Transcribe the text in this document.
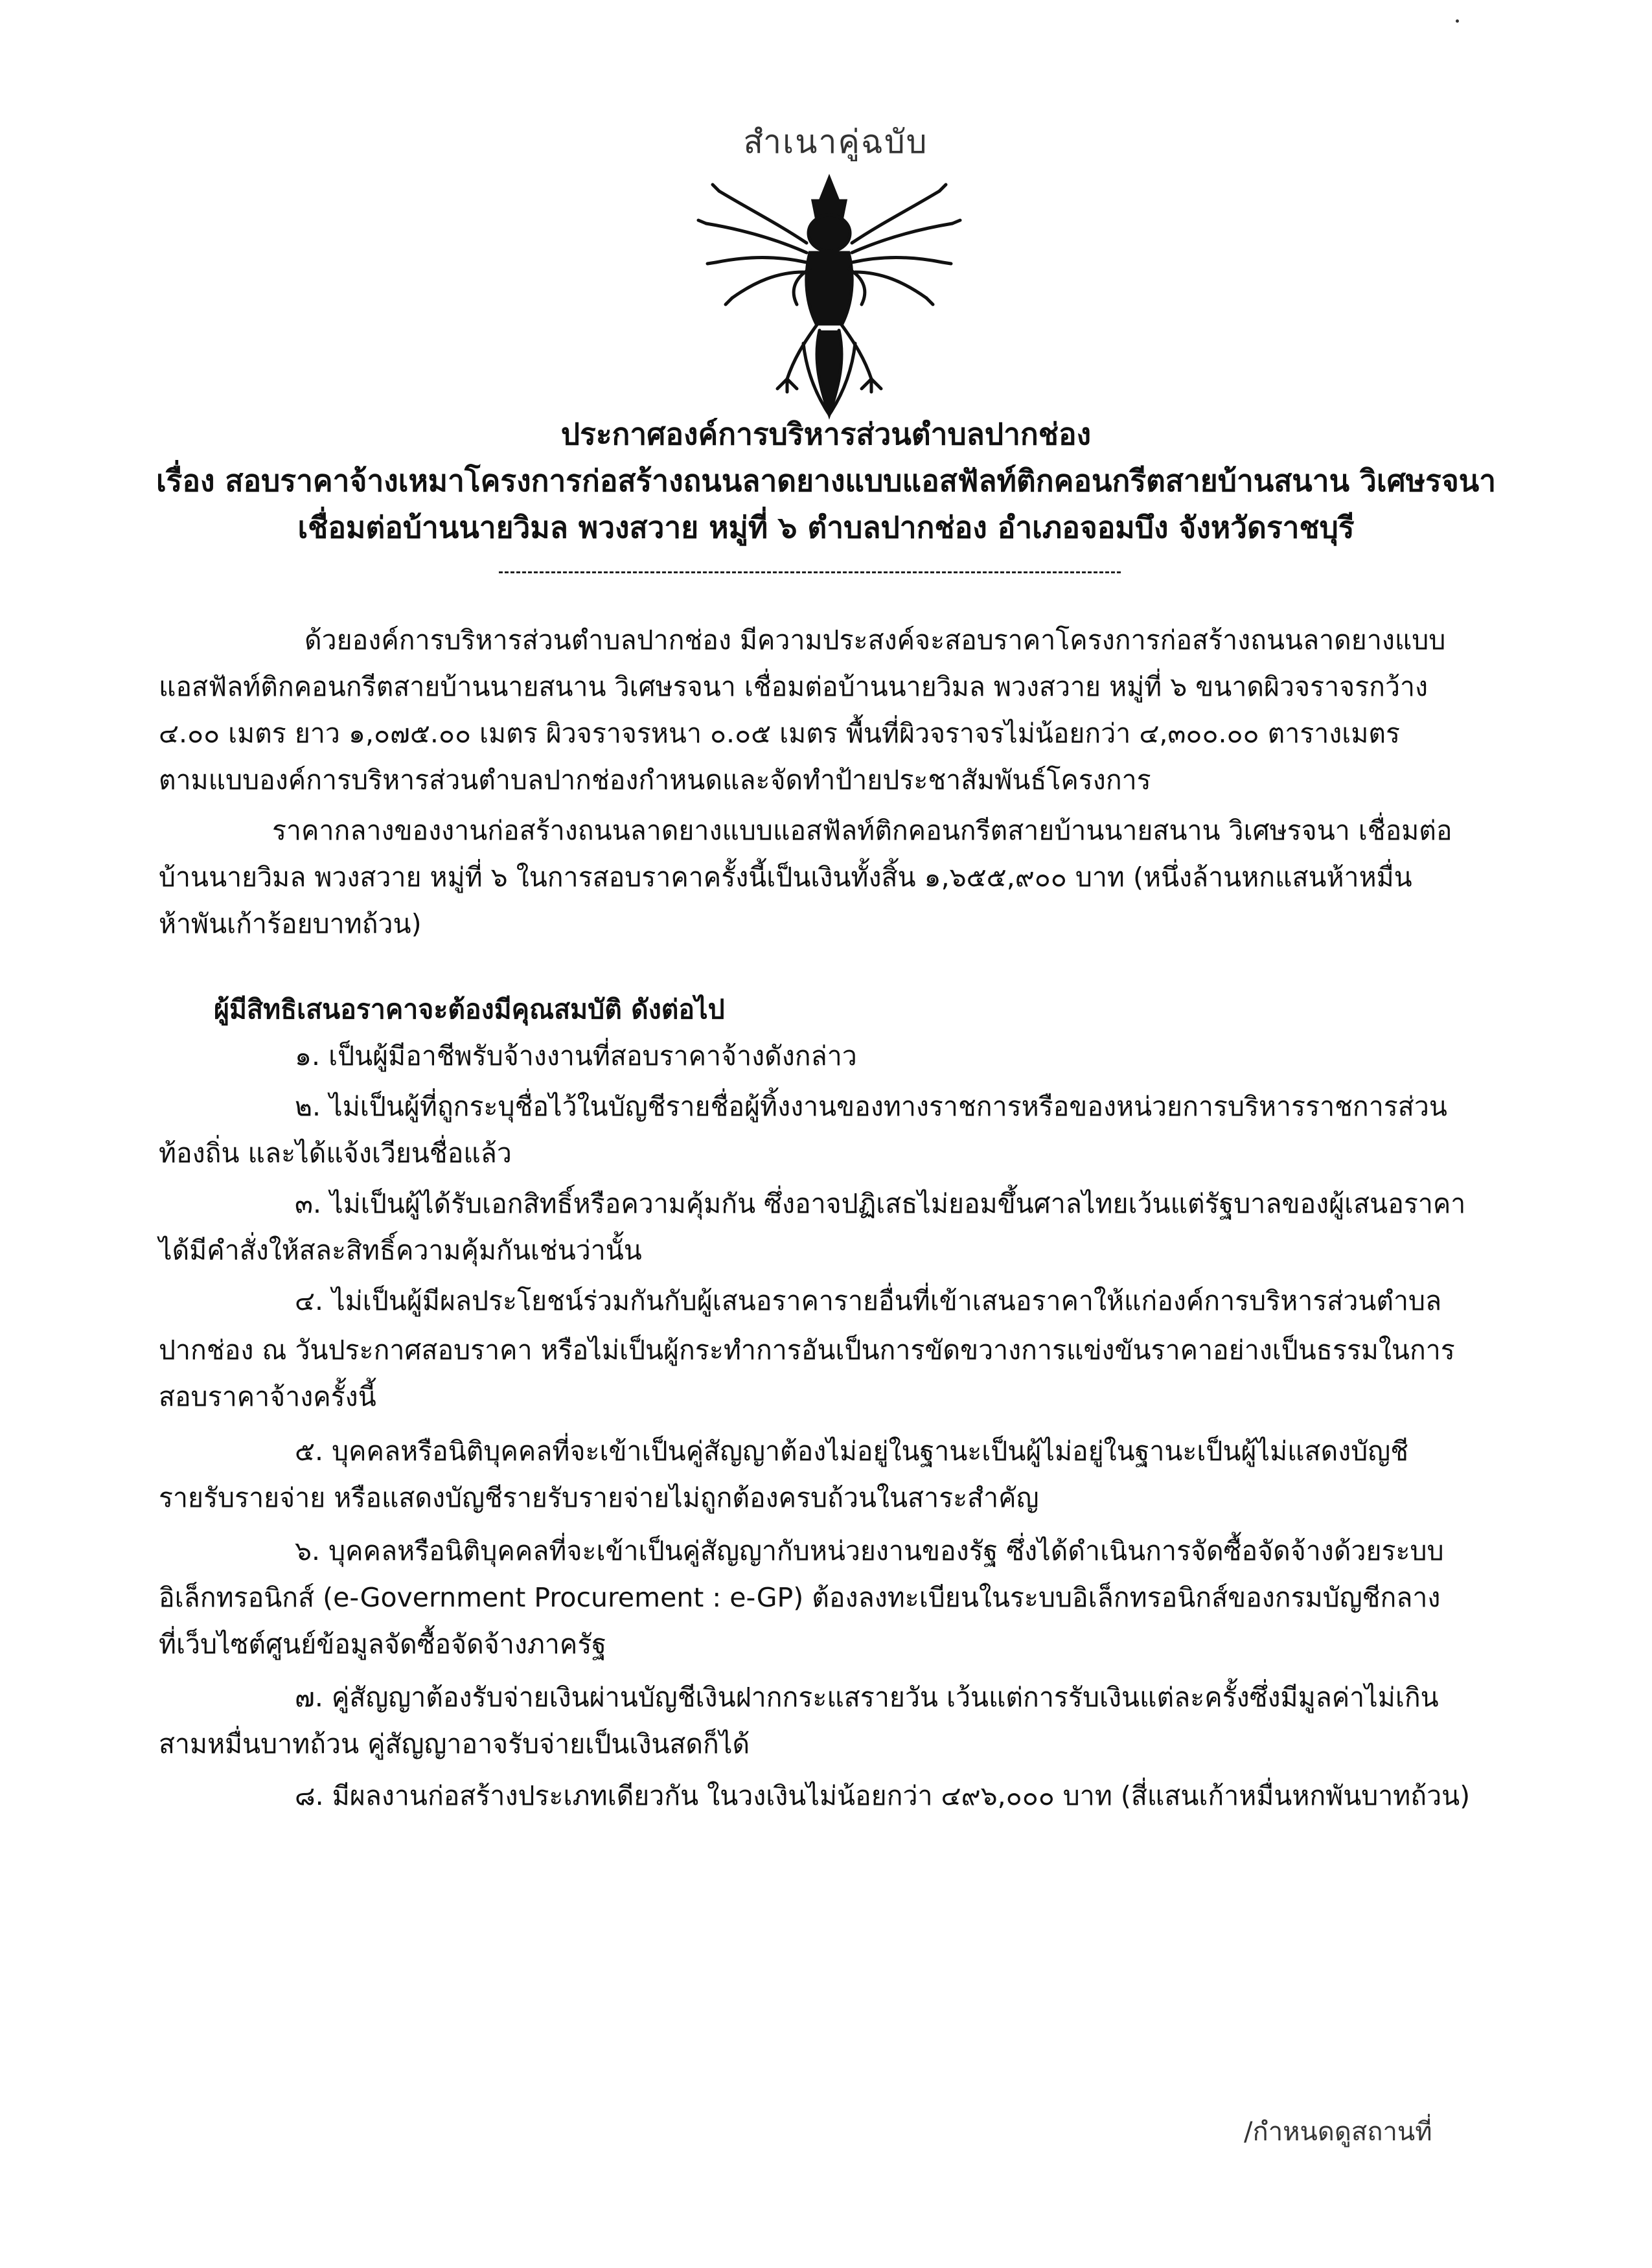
สำเนาคู่ฉบับ
ประกาศองค์การบริหารส่วนตำบลปากช่อง
เรื่อง สอบราคาจ้างเหมาโครงการก่อสร้างถนนลาดยางแบบแอสฟัลท์ติกคอนกรีตสายบ้านสนาน วิเศษรจนา
เชื่อมต่อบ้านนายวิมล พวงสวาย หมู่ที่ ๖ ตำบลปากช่อง อำเภอจอมบึง จังหวัดราชบุรี
ด้วยองค์การบริหารส่วนตำบลปากช่อง มีความประสงค์จะสอบราคาโครงการก่อสร้างถนนลาดยางแบบ
แอสฟัลท์ติกคอนกรีตสายบ้านนายสนาน วิเศษรจนา เชื่อมต่อบ้านนายวิมล พวงสวาย หมู่ที่ ๖ ขนาดผิวจราจรกว้าง
๔.๐๐ เมตร ยาว ๑,๐๗๕.๐๐ เมตร ผิวจราจรหนา ๐.๐๕ เมตร พื้นที่ผิวจราจรไม่น้อยกว่า ๔,๓๐๐.๐๐ ตารางเมตร
ตามแบบองค์การบริหารส่วนตำบลปากช่องกำหนดและจัดทำป้ายประชาสัมพันธ์โครงการ
ราคากลางของงานก่อสร้างถนนลาดยางแบบแอสฟัลท์ติกคอนกรีตสายบ้านนายสนาน วิเศษรจนา เชื่อมต่อ
บ้านนายวิมล พวงสวาย หมู่ที่ ๖ ในการสอบราคาครั้งนี้เป็นเงินทั้งสิ้น ๑,๖๕๕,๙๐๐ บาท (หนึ่งล้านหกแสนห้าหมื่น
ห้าพันเก้าร้อยบาทถ้วน)
ผู้มีสิทธิเสนอราคาจะต้องมีคุณสมบัติ ดังต่อไป
๑. เป็นผู้มีอาชีพรับจ้างงานที่สอบราคาจ้างดังกล่าว
๒. ไม่เป็นผู้ที่ถูกระบุชื่อไว้ในบัญชีรายชื่อผู้ทิ้งงานของทางราชการหรือของหน่วยการบริหารราชการส่วน
ท้องถิ่น และได้แจ้งเวียนชื่อแล้ว
๓. ไม่เป็นผู้ได้รับเอกสิทธิ์หรือความคุ้มกัน ซึ่งอาจปฏิเสธไม่ยอมขึ้นศาลไทยเว้นแต่รัฐบาลของผู้เสนอราคา
ได้มีคำสั่งให้สละสิทธิ์ความคุ้มกันเช่นว่านั้น
๔. ไม่เป็นผู้มีผลประโยชน์ร่วมกันกับผู้เสนอราคารายอื่นที่เข้าเสนอราคาให้แก่องค์การบริหารส่วนตำบล
ปากช่อง ณ วันประกาศสอบราคา หรือไม่เป็นผู้กระทำการอันเป็นการขัดขวางการแข่งขันราคาอย่างเป็นธรรมในการ
สอบราคาจ้างครั้งนี้
๕. บุคคลหรือนิติบุคคลที่จะเข้าเป็นคู่สัญญาต้องไม่อยู่ในฐานะเป็นผู้ไม่อยู่ในฐานะเป็นผู้ไม่แสดงบัญชี
รายรับรายจ่าย หรือแสดงบัญชีรายรับรายจ่ายไม่ถูกต้องครบถ้วนในสาระสำคัญ
๖. บุคคลหรือนิติบุคคลที่จะเข้าเป็นคู่สัญญากับหน่วยงานของรัฐ ซึ่งได้ดำเนินการจัดซื้อจัดจ้างด้วยระบบ
อิเล็กทรอนิกส์ (e-Government Procurement : e-GP) ต้องลงทะเบียนในระบบอิเล็กทรอนิกส์ของกรมบัญชีกลาง
ที่เว็บไซต์ศูนย์ข้อมูลจัดซื้อจัดจ้างภาครัฐ
๗. คู่สัญญาต้องรับจ่ายเงินผ่านบัญชีเงินฝากกระแสรายวัน เว้นแต่การรับเงินแต่ละครั้งซึ่งมีมูลค่าไม่เกิน
สามหมื่นบาทถ้วน คู่สัญญาอาจรับจ่ายเป็นเงินสดก็ได้
๘. มีผลงานก่อสร้างประเภทเดียวกัน ในวงเงินไม่น้อยกว่า ๔๙๖,๐๐๐ บาท (สี่แสนเก้าหมื่นหกพันบาทถ้วน)
/กำหนดดูสถานที่
